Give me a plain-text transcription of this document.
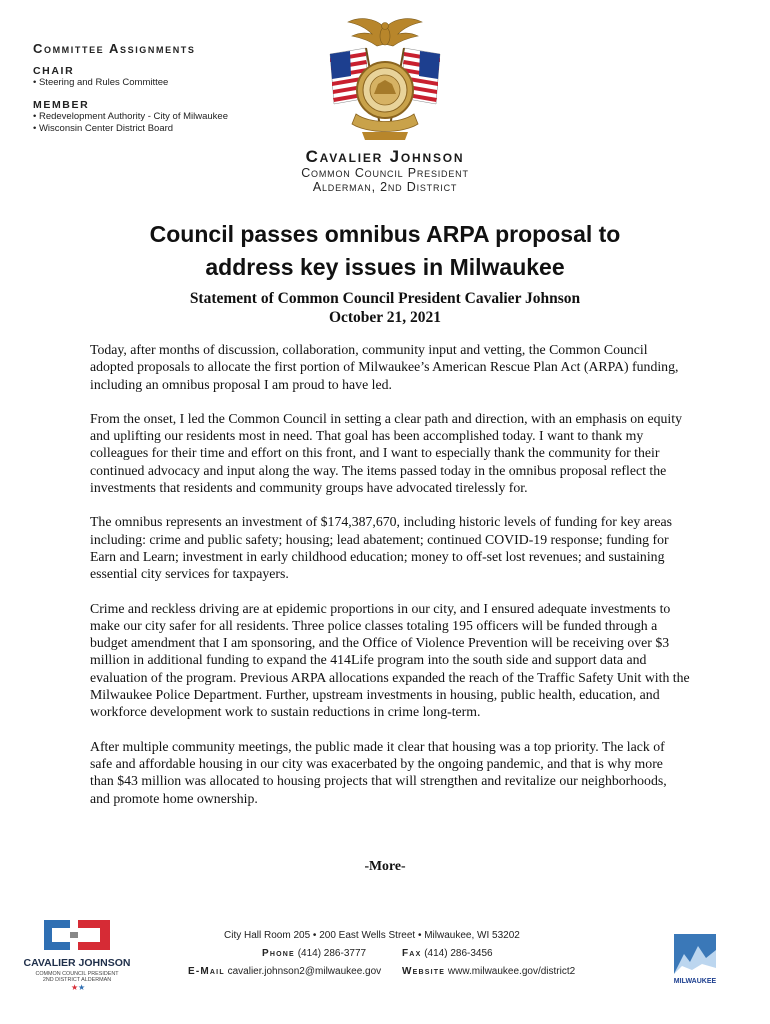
Committee Assignments
CHAIR
• Steering and Rules Committee
MEMBER
• Redevelopment Authority - City of Milwaukee
• Wisconsin Center District Board
Cavalier Johnson
Common Council President
Alderman, 2nd District
Council passes omnibus ARPA proposal to
address key issues in Milwaukee
Statement of Common Council President Cavalier Johnson
October 21, 2021

Today, after months of discussion, collaboration, community input and vetting, the Common Council adopted proposals to allocate the first portion of Milwaukee’s American Rescue Plan Act (ARPA) funding, including an omnibus proposal I am proud to have led.

From the onset, I led the Common Council in setting a clear path and direction, with an emphasis on equity and uplifting our residents most in need. That goal has been accomplished today. I want to thank my colleagues for their time and effort on this front, and I want to especially thank the community for their continued advocacy and input along the way. The items passed today in the omnibus proposal reflect the investments that residents and community groups have advocated tirelessly for.

The omnibus represents an investment of $174,387,670, including historic levels of funding for key areas including: crime and public safety; housing; lead abatement; continued COVID-19 response; funding for Earn and Learn; investment in early childhood education; money to off-set lost revenues; and sustaining essential city services for taxpayers.

Crime and reckless driving are at epidemic proportions in our city, and I ensured adequate investments to make our city safer for all residents. Three police classes totaling 195 officers will be funded through a budget amendment that I am sponsoring, and the Office of Violence Prevention will be receiving over $3 million in additional funding to expand the 414Life program into the south side and support data and evaluation of the program. Previous ARPA allocations expanded the reach of the Traffic Safety Unit with the Milwaukee Police Department. Further, upstream investments in housing, public health, education, and workforce development work to sustain reductions in crime long-term.

After multiple community meetings, the public made it clear that housing was a top priority. The lack of safe and affordable housing in our city was exacerbated by the ongoing pandemic, and that is why more than $43 million was allocated to housing projects that will strengthen and revitalize our neighborhoods, and promote home ownership.

-More-
CAVALIER JOHNSON
COMMON COUNCIL PRESIDENT
2ND DISTRICT ALDERMAN
★ ★
City Hall Room 205 • 200 East Wells Street • Milwaukee, WI 53202
Phone (414) 286-3777	Fax (414) 286-3456
E-Mail cavalier.johnson2@milwaukee.gov Website www.milwaukee.gov/district2
MILWAUKEE
